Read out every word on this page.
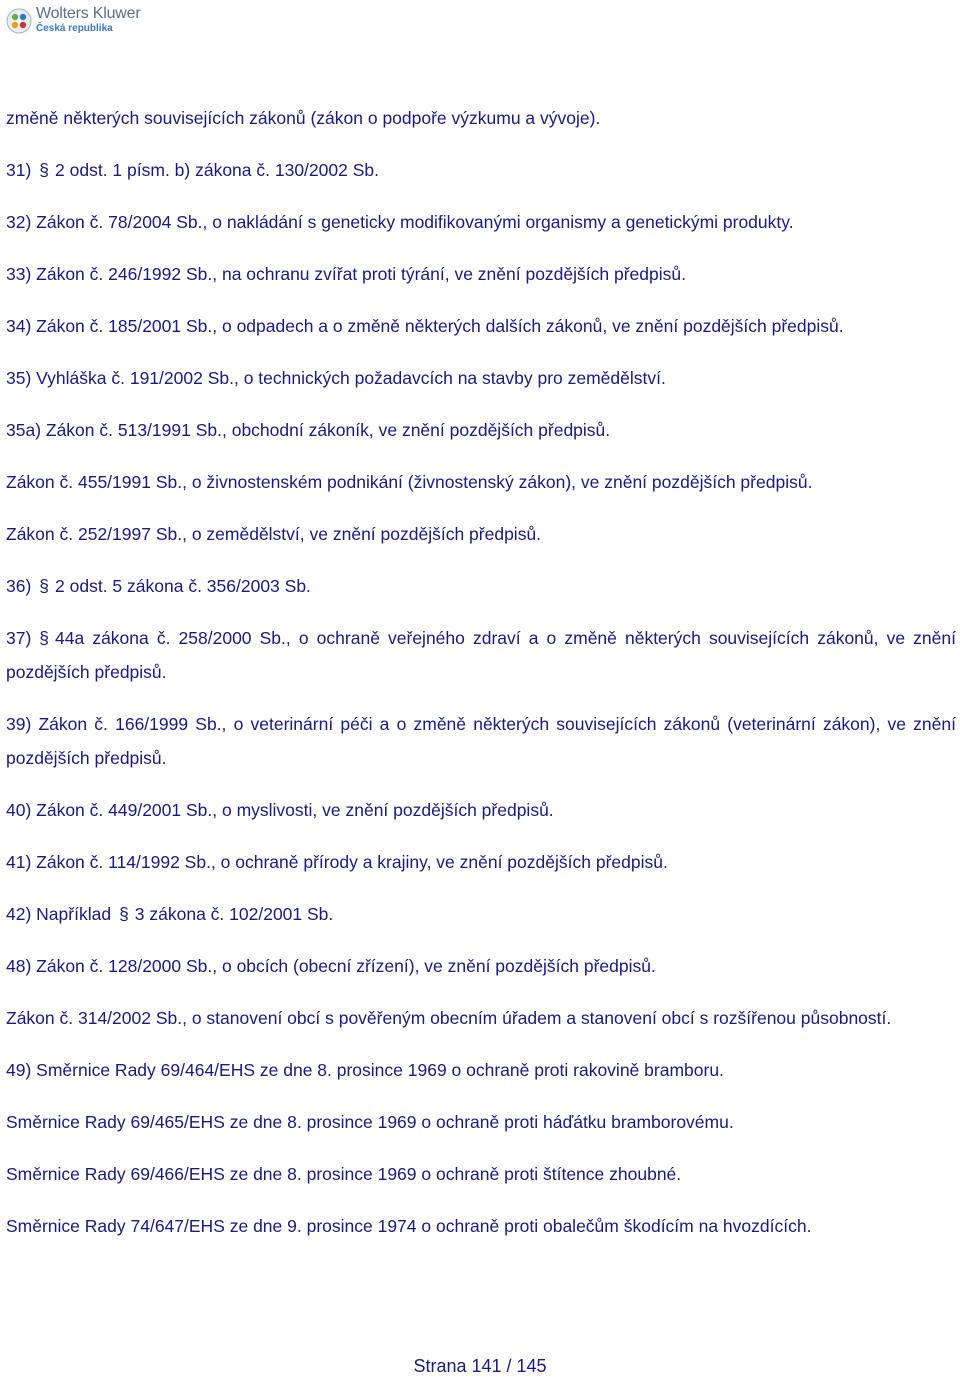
Wolters Kluwer
Česká republika

změně některých souvisejících zákonů (zákon o podpoře výzkumu a vývoje).

31) § 2 odst. 1 písm. b) zákona č. 130/2002 Sb.

32) Zákon č. 78/2004 Sb., o nakládání s geneticky modifikovanými organismy a genetickými produkty.

33) Zákon č. 246/1992 Sb., na ochranu zvířat proti týrání, ve znění pozdějších předpisů.

34) Zákon č. 185/2001 Sb., o odpadech a o změně některých dalších zákonů, ve znění pozdějších předpisů.

35) Vyhláška č. 191/2002 Sb., o technických požadavcích na stavby pro zemědělství.

35a) Zákon č. 513/1991 Sb., obchodní zákoník, ve znění pozdějších předpisů.

Zákon č. 455/1991 Sb., o živnostenském podnikání (živnostenský zákon), ve znění pozdějších předpisů.

Zákon č. 252/1997 Sb., o zemědělství, ve znění pozdějších předpisů.

36) § 2 odst. 5 zákona č. 356/2003 Sb.

37) § 44a zákona č. 258/2000 Sb., o ochraně veřejného zdraví a o změně některých souvisejících zákonů, ve znění pozdějších předpisů.

39) Zákon č. 166/1999 Sb., o veterinární péči a o změně některých souvisejících zákonů (veterinární zákon), ve znění pozdějších předpisů.

40) Zákon č. 449/2001 Sb., o myslivosti, ve znění pozdějších předpisů.

41) Zákon č. 114/1992 Sb., o ochraně přírody a krajiny, ve znění pozdějších předpisů.

42) Například § 3 zákona č. 102/2001 Sb.

48) Zákon č. 128/2000 Sb., o obcích (obecní zřízení), ve znění pozdějších předpisů.

Zákon č. 314/2002 Sb., o stanovení obcí s pověřeným obecním úřadem a stanovení obcí s rozšířenou působností.

49) Směrnice Rady 69/464/EHS ze dne 8. prosince 1969 o ochraně proti rakovině bramboru.

Směrnice Rady 69/465/EHS ze dne 8. prosince 1969 o ochraně proti háďátku bramborovému.

Směrnice Rady 69/466/EHS ze dne 8. prosince 1969 o ochraně proti štítence zhoubné.

Směrnice Rady 74/647/EHS ze dne 9. prosince 1974 o ochraně proti obalečům škodícím na hvozdících.

Strana 141 / 145
